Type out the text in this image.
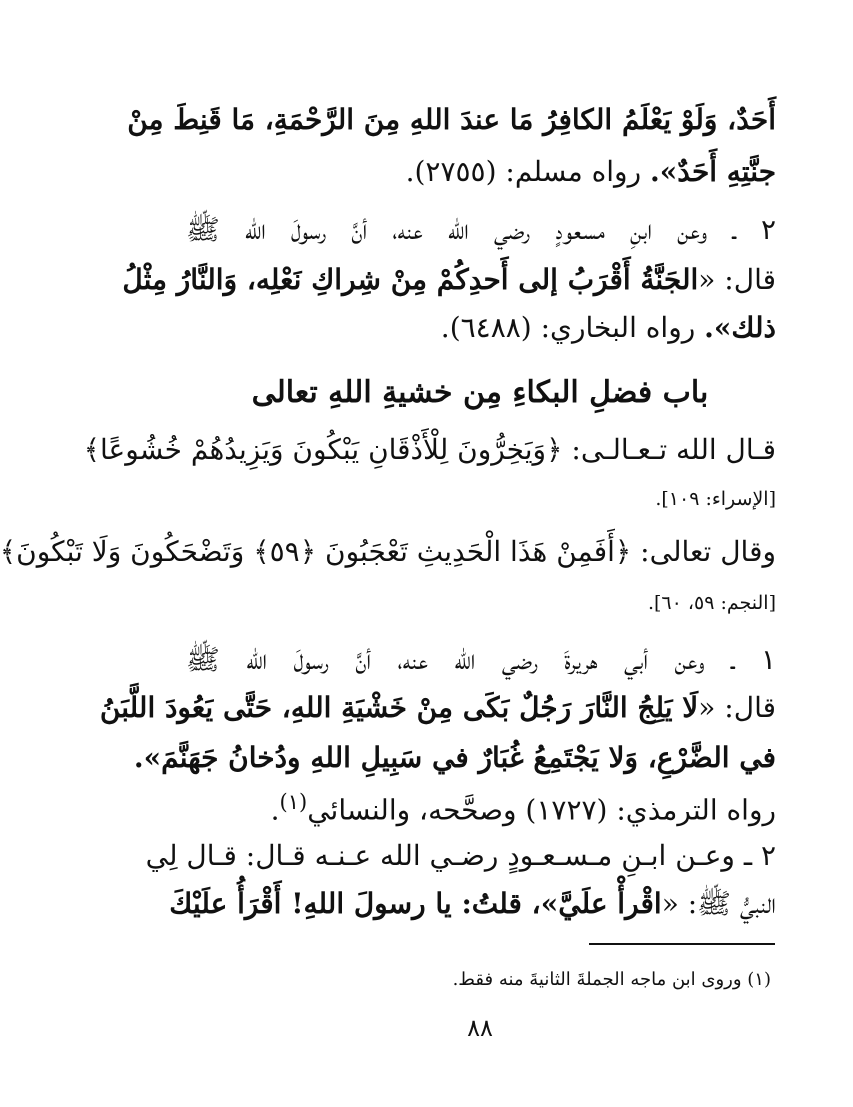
أَحَدٌ، وَلَوْ يَعْلَمُ الكافِرُ مَا عندَ اللهِ مِنَ الرَّحْمَةِ، مَا قَنِطَ مِنْ
جنَّتِهِ أَحَدٌ». رواه مسلم: (٢٧٥٥).
٢ ـ وعن ابنِ مسعودٍ رضي الله عنه، أنَّ رسولَ الله ﷺ
قال: «الجَنَّةُ أَقْرَبُ إلى أَحدِكُمْ مِنْ شِراكِ نَعْلِه، وَالنَّارُ مِثْلُ
ذلك». رواه البخاري: (٦٤٨٨).
باب فضلِ البكاءِ مِن خشيةِ اللهِ تعالى
قـال الله تـعـالـى: ﴿وَيَخِرُّونَ لِلْأَذْقَانِ يَبْكُونَ وَيَزِيدُهُمْ خُشُوعًا﴾
[الإسراء: ١٠٩].
وقال تعالى: ﴿أَفَمِنْ هَذَا الْحَدِيثِ تَعْجَبُونَ ﴿٥٩﴾ وَتَضْحَكُونَ وَلَا تَبْكُونَ﴾
[النجم: ٥٩، ٦٠].
١ ـ وعن أبي هريرةَ رضي الله عنه، أنَّ رسولَ الله ﷺ
قال: «لَا يَلِجُ النَّارَ رَجُلٌ بَكَى مِنْ خَشْيَةِ اللهِ، حَتَّى يَعُودَ اللَّبَنُ
في الضَّرْعِ، وَلا يَجْتَمِعُ غُبَارٌ في سَبِيلِ اللهِ ودُخانُ جَهَنَّمَ».
رواه الترمذي: (١٧٢٧) وصحَّحه، والنسائي$^{(١)}$.
٢ ـ وعـن ابـنِ مـسـعـودٍ رضـي الله عـنـه قـال: قـال لِي
النبيُّ ﷺ: «اقْرأْ علَيَّ»، قلتُ: يا رسولَ اللهِ! أَقْرَأُ علَيْكَ
(١) وروى ابن ماجه الجملةَ الثانيةَ منه فقط.
٨٨
